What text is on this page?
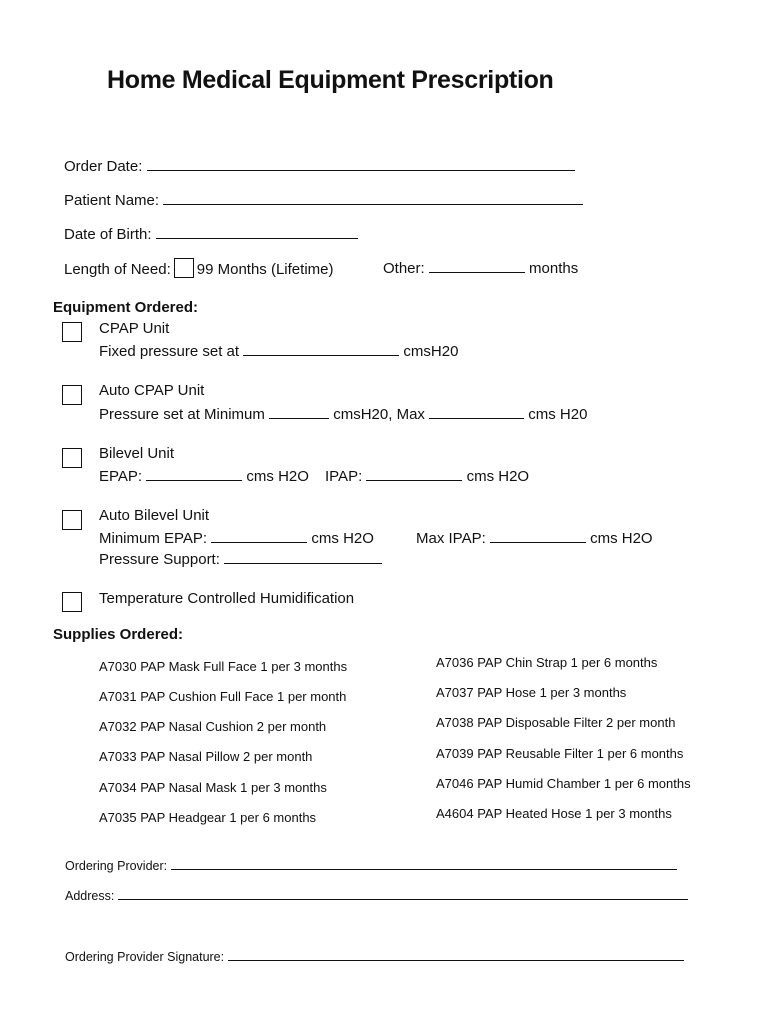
Home Medical Equipment Prescription
Order Date:
Patient Name:
Date of Birth:
Length of Need: 99 Months (Lifetime)	Other:	months
Equipment Ordered:
CPAP Unit
Fixed pressure set at	cmsH20
Auto CPAP Unit
Pressure set at Minimum	cmsH20, Max	cms H20
Bilevel Unit
EPAP:	cms H2O IPAP:	cms H2O
Auto Bilevel Unit
Minimum EPAP:	cms H2O	Max IPAP:	cms H2O
Pressure Support:
Temperature Controlled Humidification
Supplies Ordered:
A7030 PAP Mask Full Face 1 per 3 months
A7031 PAP Cushion Full Face 1 per month
A7032 PAP Nasal Cushion 2 per month
A7033 PAP Nasal Pillow 2 per month
A7034 PAP Nasal Mask 1 per 3 months
A7035 PAP Headgear 1 per 6 months
A7036 PAP Chin Strap 1 per 6 months
A7037 PAP Hose 1 per 3 months
A7038 PAP Disposable Filter 2 per month
A7039 PAP Reusable Filter 1 per 6 months
A7046 PAP Humid Chamber 1 per 6 months
A4604 PAP Heated Hose 1 per 3 months
Ordering Provider:
Address:
Ordering Provider Signature:
